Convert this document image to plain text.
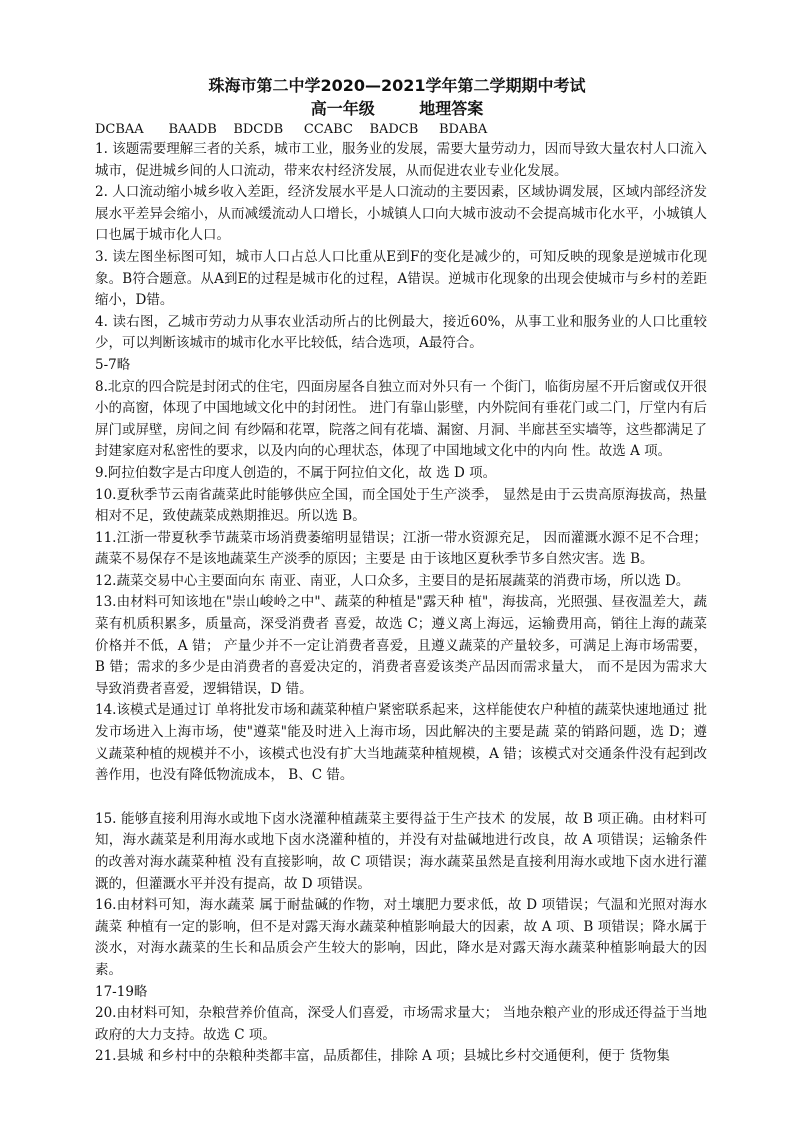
珠海市第二中学2020—2021学年第二学期期中考试
高一年级        地理答案
DCBAA      BAADB    BDCDB     CCABC    BADCB     BDABA

1. 该题需要理解三者的关系，城市工业，服务业的发展，需要大量劳动力，因而导致大量农村人口流入城市，促进城乡间的人口流动，带来农村经济发展，从而促进农业专业化发展。

2. 人口流动缩小城乡收入差距，经济发展水平是人口流动的主要因素，区域协调发展，区域内部经济发展水平差异会缩小，从而减缓流动人口增长，小城镇人口向大城市波动不会提高城市化水平，小城镇人口也属于城市化人口。

3. 读左图坐标图可知，城市人口占总人口比重从E到F的变化是减少的，可知反映的现象是逆城市化现象。B符合题意。从A到E的过程是城市化的过程，A错误。逆城市化现象的出现会使城市与乡村的差距缩小，D错。

4. 读右图，乙城市劳动力从事农业活动所占的比例最大，接近60%，从事工业和服务业的人口比重较少，可以判断该城市的城市化水平比较低，结合选项，A最符合。

5-7略

8.北京的四合院是封闭式的住宅，四面房屋各自独立而对外只有一 个街门，临街房屋不开后窗或仅开很小的高窗，体现了中国地域文化中的封闭性。 进门有靠山影壁，内外院间有垂花门或二门，厅堂内有后屏门或屏壁，房间之间 有纱隔和花罩，院落之间有花墙、漏窗、月洞、半廊甚至实墙等，这些都满足了 封建家庭对私密性的要求，以及内向的心理状态，体现了中国地域文化中的内向 性。故选 A 项。

9.阿拉伯数字是古印度人创造的，不属于阿拉伯文化，故 选 D 项。

10.夏秋季节云南省蔬菜此时能够供应全国，而全国处于生产淡季， 显然是由于云贵高原海拔高，热量相对不足，致使蔬菜成熟期推迟。所以选 B。

11.江浙一带夏秋季节蔬菜市场消费萎缩明显错误；江浙一带水资源充足， 因而灌溉水源不足不合理；蔬菜不易保存不是该地蔬菜生产淡季的原因；主要是 由于该地区夏秋季节多自然灾害。选 B。

12.蔬菜交易中心主要面向东 南亚、南亚，人口众多，主要目的是拓展蔬菜的消费市场，所以选 D。

13.由材料可知该地在"崇山峻岭之中"、蔬菜的种植是"露天种 植"，海拔高，光照强、昼夜温差大，蔬菜有机质积累多，质量高，深受消费者 喜爱，故选 C；遵义离上海远，运输费用高，销往上海的蔬菜价格并不低，A 错； 产量少并不一定让消费者喜爱，且遵义蔬菜的产量较多，可满足上海市场需要， B 错；需求的多少是由消费者的喜爱决定的，消费者喜爱该类产品因而需求量大， 而不是因为需求大导致消费者喜爱，逻辑错误，D 错。

14.该模式是通过订 单将批发市场和蔬菜种植户紧密联系起来，这样能使农户种植的蔬菜快速地通过 批发市场进入上海市场，使"遵菜"能及时进入上海市场，因此解决的主要是蔬 菜的销路问题，选 D；遵义蔬菜种植的规模并不小，该模式也没有扩大当地蔬菜种植规模，A 错；该模式对交通条件没有起到改善作用，也没有降低物流成本， B、C 错。

15. 能够直接利用海水或地下卤水浇灌种植蔬菜主要得益于生产技术 的发展，故 B 项正确。由材料可知，海水蔬菜是利用海水或地下卤水浇灌种植的，并没有对盐碱地进行改良，故 A 项错误；运输条件的改善对海水蔬菜种植 没有直接影响，故 C 项错误；海水蔬菜虽然是直接利用海水或地下卤水进行灌 溉的，但灌溉水平并没有提高，故 D 项错误。

16.由材料可知，海水蔬菜 属于耐盐碱的作物，对土壤肥力要求低，故 D 项错误；气温和光照对海水蔬菜 种植有一定的影响，但不是对露天海水蔬菜种植影响最大的因素，故 A 项、B 项错误；降水属于淡水，对海水蔬菜的生长和品质会产生较大的影响，因此，降水是对露天海水蔬菜种植影响最大的因素。

17-19略

20.由材料可知，杂粮营养价值高，深受人们喜爱，市场需求量大； 当地杂粮产业的形成还得益于当地政府的大力支持。故选 C 项。

21.县城 和乡村中的杂粮种类都丰富，品质都佳，排除 A 项；县城比乡村交通便利，便于 货物集
